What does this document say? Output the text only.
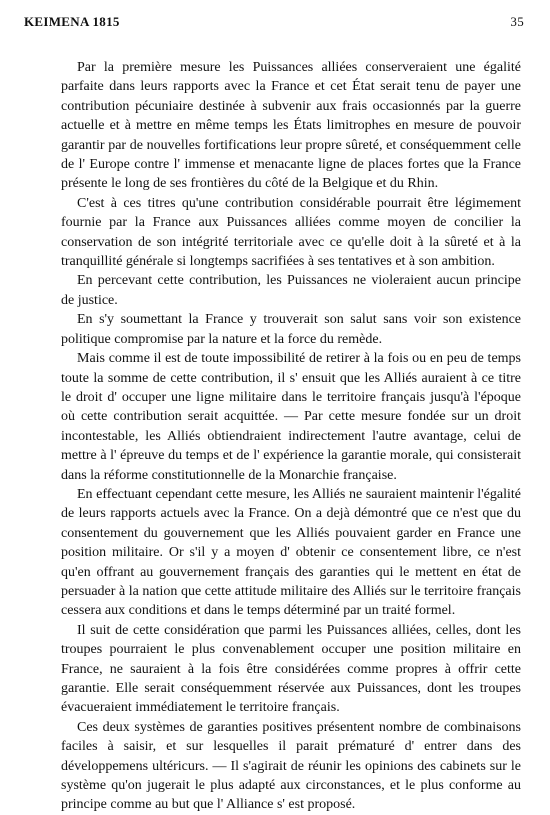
KEIMENA 1815	35

Par la première mesure les Puissances alliées conserveraient une égalité parfaite dans leurs rapports avec la France et cet État serait tenu de payer une contribution pécuniaire destinée à subvenir aux frais occasionnés par la guerre actuelle et à mettre en même temps les États limitrophes en mesure de pouvoir garantir par de nouvelles fortifications leur propre sûreté, et conséquemment celle de l' Europe contre l' immense et menacante ligne de places fortes que la France présente le long de ses frontières du côté de la Belgique et du Rhin.

C'est à ces titres qu'une contribution considérable pourrait être légimement fournie par la France aux Puissances alliées comme moyen de concilier la conservation de son intégrité territoriale avec ce qu'elle doit à la sûreté et à la tranquillité générale si longtemps sacrifiées à ses tentatives et à son ambition.

En percevant cette contribution, les Puissances ne violeraient aucun principe de justice.

En s'y soumettant la France y trouverait son salut sans voir son existence politique compromise par la nature et la force du remède.

Mais comme il est de toute impossibilité de retirer à la fois ou en peu de temps toute la somme de cette contribution, il s' ensuit que les Alliés auraient à ce titre le droit d' occuper une ligne militaire dans le territoire français jusqu'à l'époque où cette contribution serait acquittée. — Par cette mesure fondée sur un droit incontestable, les Alliés obtiendraient indirectement l'autre avantage, celui de mettre à l' épreuve du temps et de l' expérience la garantie morale, qui consisterait dans la réforme constitutionnelle de la Monarchie française.

En effectuant cependant cette mesure, les Alliés ne sauraient maintenir l'égalité de leurs rapports actuels avec la France. On a dejà démontré que ce n'est que du consentement du gouvernement que les Alliés pouvaient garder en France une position militaire. Or s'il y a moyen d' obtenir ce consentement libre, ce n'est qu'en offrant au gouvernement français des garanties qui le mettent en état de persuader à la nation que cette attitude militaire des Alliés sur le territoire français cessera aux conditions et dans le temps déterminé par un traité formel.

Il suit de cette considération que parmi les Puissances alliées, celles, dont les troupes pourraient le plus convenablement occuper une position militaire en France, ne sauraient à la fois être considérées comme propres à offrir cette garantie. Elle serait conséquemment réservée aux Puissances, dont les troupes évacueraient immédiatement le territoire français.

Ces deux systèmes de garanties positives présentent nombre de combinaisons faciles à saisir, et sur lesquelles il parait prématuré d' entrer dans des développemens ultéricurs. — Il s'agirait de réunir les opinions des cabinets sur le système qu'on jugerait le plus adapté aux circonstances, et le plus conforme au principe comme au but que l' Alliance s' est proposé.
